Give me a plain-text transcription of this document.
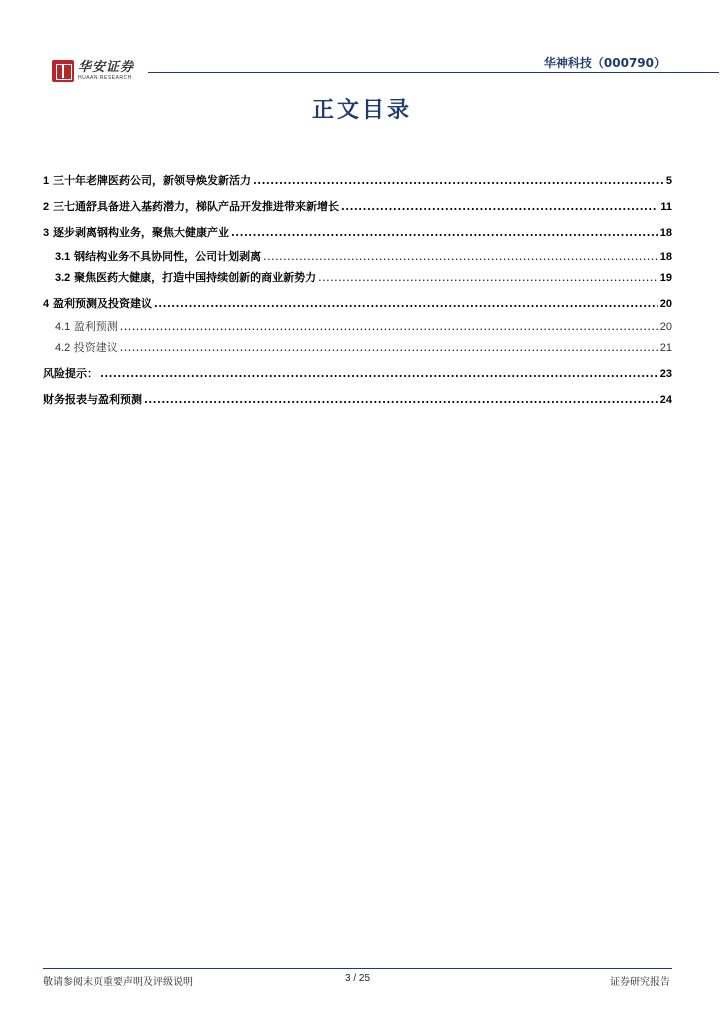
华安证券
HUAAN RESEARCH
华神科技（000790）
正文目录
1 三十年老牌医药公司，新领导焕发新活力 .....	5
2 三七通舒具备进入基药潜力，梯队产品开发推进带来新增长 .....	11
3 逐步剥离钢构业务，聚焦大健康产业 .....	18
3.1 钢结构业务不具协同性，公司计划剥离 .....	18
3.2 聚焦医药大健康，打造中国持续创新的商业新势力 .....	19
4 盈利预测及投资建议 .....	20
4.1 盈利预测 .....	20
4.2 投资建议 .....	21
风险提示： .....	23
财务报表与盈利预测 .....	24
敬请参阅末页重要声明及评级说明	3 / 25	证券研究报告
